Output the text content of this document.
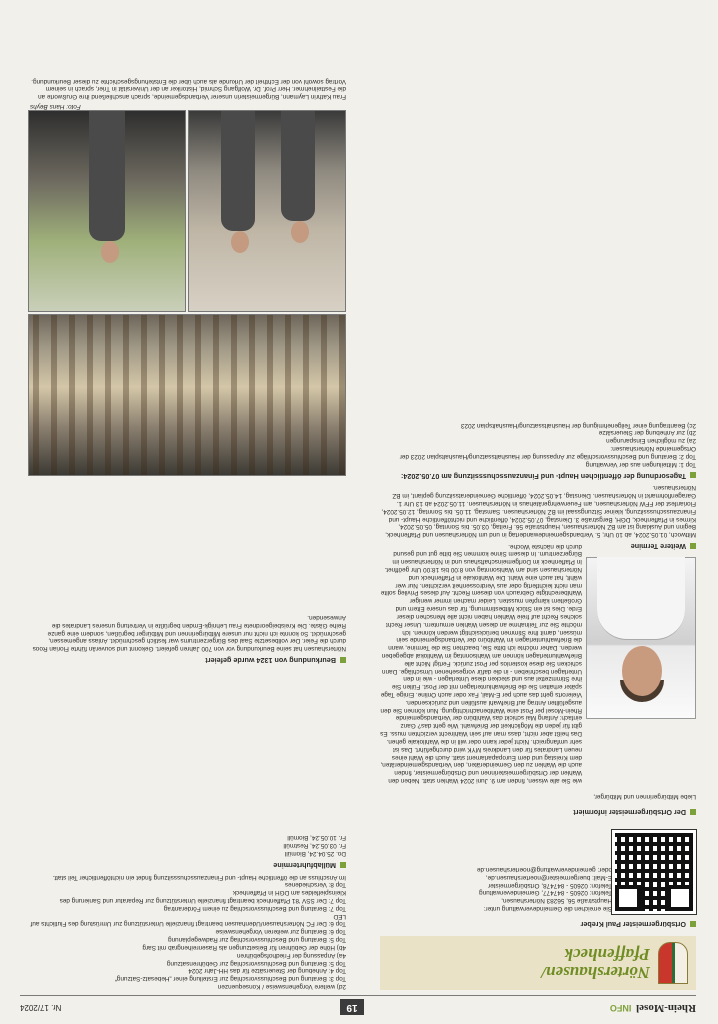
Rhein-Mosel INFO
19
Nr. 17/2024
Nörtershausen/
Pfaffenheck
Ortsbürgermeister Paul Kreber
Sie erreichen die Gemeindeverwaltung unter:
Hauptstraße 56, 56283 Nörtershausen,
Telefon: 02605 - 847477, Gemeindeverwaltung
Telefon: 02605 - 847478, Ortsbürgermeister
E-Mail: buergermeister@noertershausen.de,
oder: gemeindeverwaltung@noertershausen.de
Der Ortsbürgermeister informiert

Liebe Mitbürgerinnen und Mitbürger,

wie Sie alle wissen, finden am 9. Juni 2024 Wahlen statt. Neben den Wahlen der Ortsbürgermeisterinnen und Ortsbürgermeister, finden auch die Wahlen zu den Gemeinderäten, den Verbandsgemeinderäten, dem Kreistag und dem Europaparlament statt. Auch die Wahl eines neuen Landrates für den Landkreis MYK wird durchgeführt. Das ist sehr umfangreich. Nicht jeder kann oder will in die Wahllokale gehen. Das heißt aber nicht, dass man auf sein Wahlrecht verzichten muss. Es gibt für jeden die Möglichkeit der Briefwahl. Wie geht das? Ganz einfach: Anfang Mai schickt das Wahlbüro der Verbandsgemeinde Rhein-Mosel per Post eine Wahlbenachrichtigung. Nun können Sie den ausgefüllten Antrag auf Briefwahl ausfüllen und zurücksenden. Vielerorts geht das auch per E-Mail, Fax oder auch Online. Einige Tage später erhalten Sie die Briefwahlunterlagen mit der Post. Füllen Sie ihre Stimmzettel aus und stecken diese Unterlagen - wie in den Unterlagen beschrieben - in die dafür vorgesehenen Umschläge. Dann schicken Sie diese kostenlos per Post zurück. Fertig! Nicht alle Briefwahlunterlagen können am Wahlsonntag im Wahllokal abgegeben werden. Daher möchte ich bitte Sie, beachten Sie die Termine, wann die Briefwahlunterlagen im Wahlbüro der Verbandsgemeinde sein müssen, damit Ihre Stimmen berücksichtigt werden können. Ich möchte Sie zur Teilnahme an diesen Wahlen ermuntern. Unser Recht solches Recht auf freie Wahlen haben nicht alle Menschen dieser Erde. Dies ist ein Stück Mitbestimmung, für das unsere Eltern und Großeltern kämpfen mussten. Leider machen immer weniger Wahlberechtigte Gebrauch von diesem Recht. Auf dieses Privileg sollte man nicht leichtfertig oder aus Verdrossenheit verzichten. Nur wer wählt, hat auch eine Wahl. Die Wahllokale in Pfaffenheck und Nörtershausen sind am Wahlsonntag von 8:00 bis 18:00 Uhr geöffnet. In Pfaffenheck im Dorfgemeinschaftshaus und in Nörtershausen im Bürgerzentrum. In diesem Sinne kommen Sie bitte gut und gesund durch die nächste Woche.	Weitere Termine

Mittwoch, 01.05.2024, ab 10 Uhr, 5. Verbandsgemeindewandertag in und um Nörtershausen und Pfaffenheck, Beginn und Ausklang ist am BZ Nörtershausen, Hauptstraße 56. Freitag, 03.05. bis Sonntag, 05.05.2024, Kirmes in Pfaffenheck, DGH, Bergstraße 3. Dienstag, 07.05.2024, öffentliche und nichtöffentliche Haupt- und Finanzausschusssitzung, kleiner Sitzungssaal im BZ Nörtershausen. Samstag, 11.05. bis Sonntag, 12.05.2024, Florianfest der FFW Nörtershausen, am Feuerwehrgerätehaus in Nörtershausen. 11.05.2024 ab 13 Uhr 1. Garagenflohmarkt in Nörtershausen. Dienstag, 14.05.2024, öffentliche Gemeinderatssitzung geplant, im BZ Nörtershausen.

Tagesordnung der öffentlichen Haupt- und Finanzausschusssitzung am 07.05.2024:
Top 1: Mitteilungen aus der Verwaltung
Top 2: Beratung und Beschlussvorschläge zur Anpassung der Haushaltssatzung/Haushaltsplan 2023 der Ortsgemeinde Nörtershausen:
2a) zu möglichen Einsparungen
2b) zur Anhebung der Steuersätze
2c) Beantragung einer Teilgenehmigung der Haushaltssatzung/Haushaltsplan 2023
2d) weitere Vorgehensweise / Konsequenzen
Top 3: Beratung und Beschlussvorschlag zur Erstellung einer „Hebesatz-Satzung“
Top 4: Anhebung der Steuersätze für das HH-Jahr 2024
Top 5: Beratung und Beschlussvorschlag zur Gebührensatzung
4a) Anpassung der Friedhofsgebühren
4b) Höhe der Gebühren für Beisetzungen als Rasenreihengrab mit Sarg
Top 5: Beratung und Beschlussvorschlag zur Radwegeplanung
Top 6: Beratung zur weiteren Vorgehensweise
Top 6: Der FC Nörtershausen/Udenhausen beantragt finanzielle Unterstützung zur Umrüstung des Flutlichts auf LED
Top 7: Beratung und Beschlussvorschlag zu einem Förderantrag
Top 7: Der SSV '81 Pfaffenheck beantragt finanzielle Unterstützung zur Reparatur und Sanierung des Kleinspielfeldes am DGH in Pfaffenheck
Top 8: Verschiedenes
Im Anschluss an die öffentliche Haupt- und Finanzausschusssitzung findet ein nichtöffentlicher Teil statt.
Müllabfuhrtermine
Do. 25.04.24, Biomüll
Fr. 03.05.24, Restmüll
Fr. 10.05.24, Biomüll
Beurkundung von 1324 wurde gefeiert

Nörtershausen hat seine Beurkundung vor von 700 Jahren gefeiert. Gekonnt und souverän führte Florian Roos durch die Feier. Der vollbesetzte Saal des Bürgerzentrums war festlich geschmückt. Anlass angemessen, geschmückt. So konnte ich nicht nur unsere Mitbürgerinnen und Mitbürger begrüßen, sondern eine ganze Reihe Gäste. Die Kreisbeigeordnete Frau Lehnigk-Emden begrüßte in Vertretung unseres Landrates die Anwesenden.

Foto: Hans Beyhs
Frau Kathrin Laymann, Bürgermeisterin unserer Verbandsgemeinde, sprach anschließend ihre Grußworte an die Festteilnehmer. Herr Prof. Dr. Wolfgang Schmid, Historiker an der Universität in Trier, sprach in seinem Vortrag sowohl von der Echtheit der Urkunde als auch über die Entstehungsgeschichte zu dieser Beurkundung.
